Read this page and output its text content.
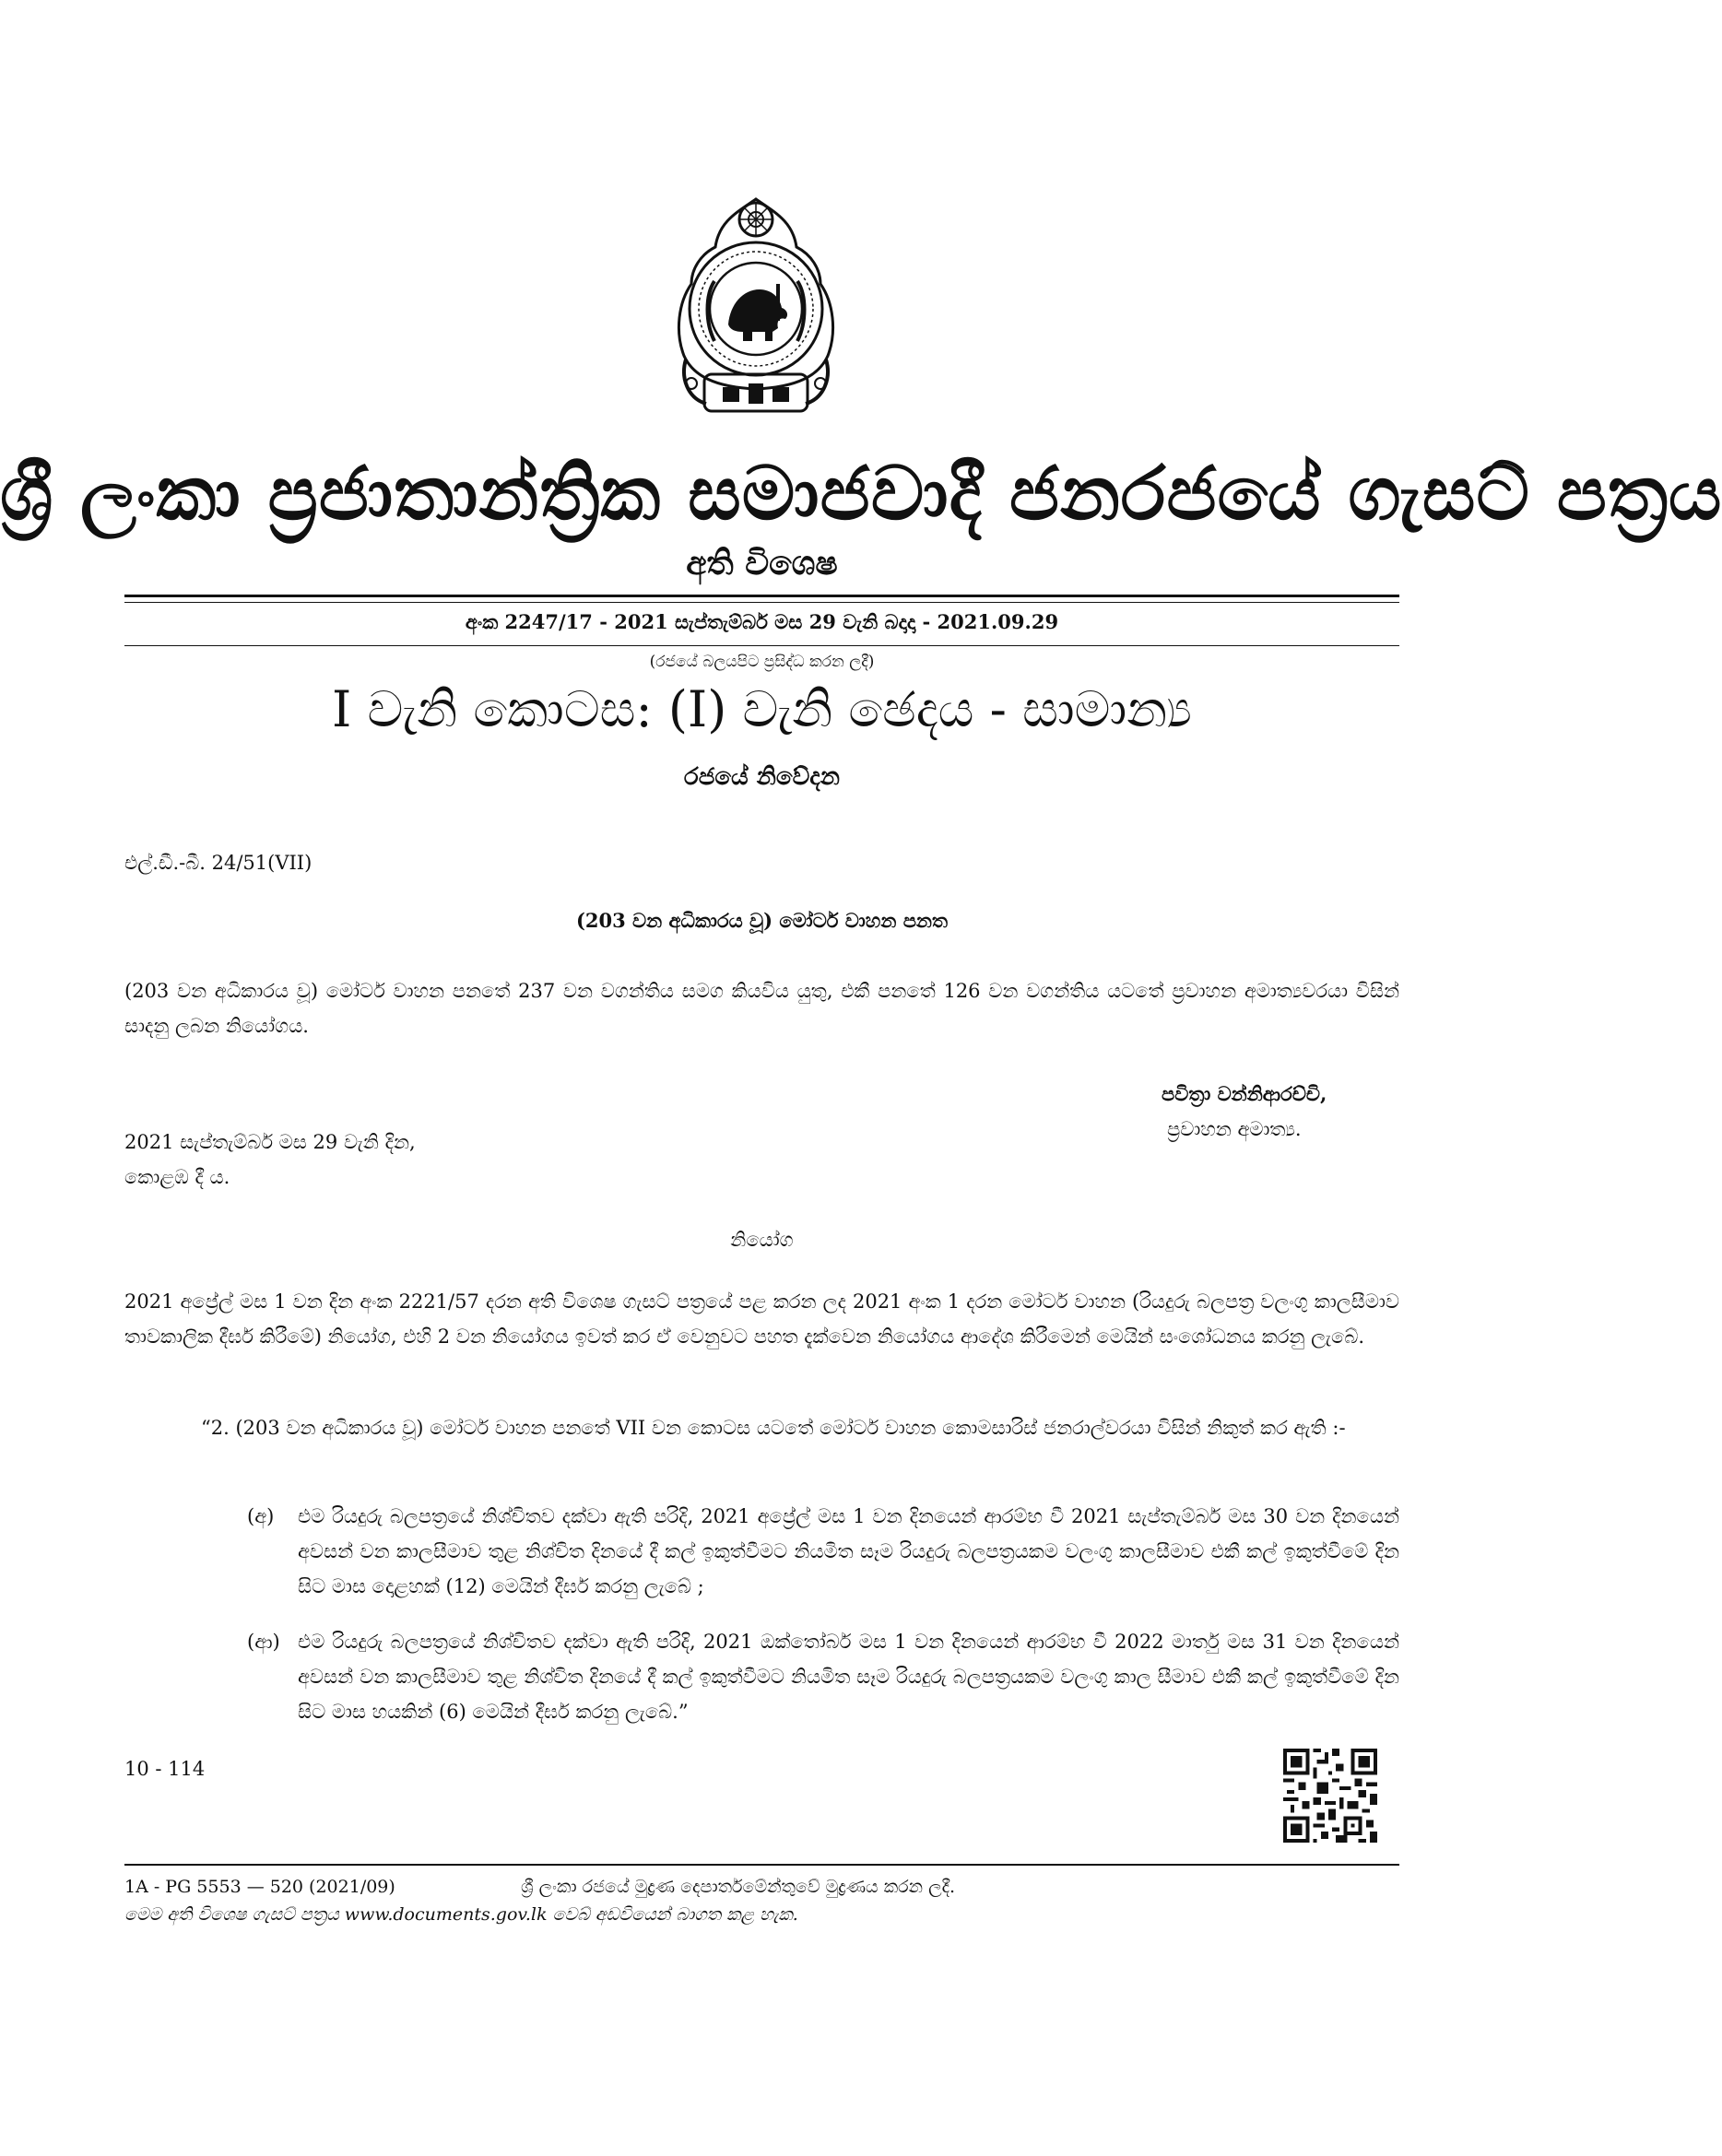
ශ්‍රී ලංකා ප්‍රජාතාන්ත්‍රික සමාජවාදී ජනරජයේ ගැසට් පත්‍රය
අති විශෙෂ
අංක 2247/17 - 2021 සැප්තැම්බර් මස 29 වැනි බදාදා - 2021.09.29
(රජයේ බලයපිට ප්‍රසිද්ධ කරන ලදී)
I වැනි කොටස: (I) වැනි ඡෙදය - සාමාන්‍ය
රජයේ නිවේදන
එල්.ඩී.-බී. 24/51(VII)
(203 වන අධිකාරය වූ) මෝටර් වාහන පනත
(203 වන අධිකාරය වූ) මෝටර් වාහන පනතේ 237 වන වගන්තිය සමග කියවිය යුතු, එකී පනතේ 126 වන වගන්තිය යටතේ ප්‍රවාහන අමාත්‍යවරයා විසින් සාදනු ලබන නියෝගය.
පවිත්‍රා වන්නිආරච්චි,
ප්‍රවාහන අමාත්‍ය.
2021 සැප්තැම්බර් මස 29 වැනි දින,
කොළඹ දී ය.
නියෝග
2021 අප්‍රේල් මස 1 වන දින අංක 2221/57 දරන අති විශෙෂ ගැසට් පත්‍රයේ පළ කරන ලද 2021 අංක 1 දරන මෝටර් වාහන (රියදුරු බලපත්‍ර වලංගු කාලසීමාව තාවකාලික දීර්ඝ කිරීමේ) නියෝග, එහි 2 වන නියෝගය ඉවත් කර ඒ වෙනුවට පහත දැක්වෙන නියෝගය ආදේශ කිරීමෙන් මෙයින් සංශෝධනය කරනු ලැබේ.
“2. (203 වන අධිකාරය වූ) මෝටර් වාහන පනතේ VII වන කොටස යටතේ මෝටර් වාහන කොමසාරිස් ජනරාල්වරයා විසින් නිකුත් කර ඇති :-
(අ)	එම රියදුරු බලපත්‍රයේ නිශ්චිතව දක්වා ඇති පරිදි, 2021 අප්‍රේල් මස 1 වන දිනයෙන් ආරම්භ වී 2021 සැප්තැම්බර් මස 30 වන දිනයෙන් අවසන් වන කාලසීමාව තුළ නිශ්චිත දිනයේ දී කල් ඉකුත්වීමට නියමිත සෑම රියදුරු බලපත්‍රයකම වලංගු කාලසීමාව එකී කල් ඉකුත්වීමේ දින සිට මාස දොළහක් (12) මෙයින් දීර්ඝ කරනු ලැබේ ;
(ආ) එම රියදුරු බලපත්‍රයේ නිශ්චිතව දක්වා ඇති පරිදි, 2021 ඔක්තෝබර් මස 1 වන දිනයෙන් ආරම්භ වී 2022 මාර්තු මස 31 වන දිනයෙන් අවසන් වන කාලසීමාව තුළ නිශ්චිත දිනයේ දී කල් ඉකුත්වීමට නියමිත සෑම රියදුරු බලපත්‍රයකම වලංගු කාල සීමාව එකී කල් ඉකුත්වීමේ දින සිට මාස හයකින් (6) මෙයින් දීර්ඝ කරනු ලැබේ.”
10 - 114
1A - PG 5553 — 520 (2021/09)	ශ්‍රී ලංකා රජයේ මුද්‍රණ දෙපාර්තමේන්තුවේ මුද්‍රණය කරන ලදී.
මෙම අති විශෙෂ ගැසට් පත්‍රය www.documents.gov.lk වෙබ් අඩවියෙන් බාගත කළ හැක.
